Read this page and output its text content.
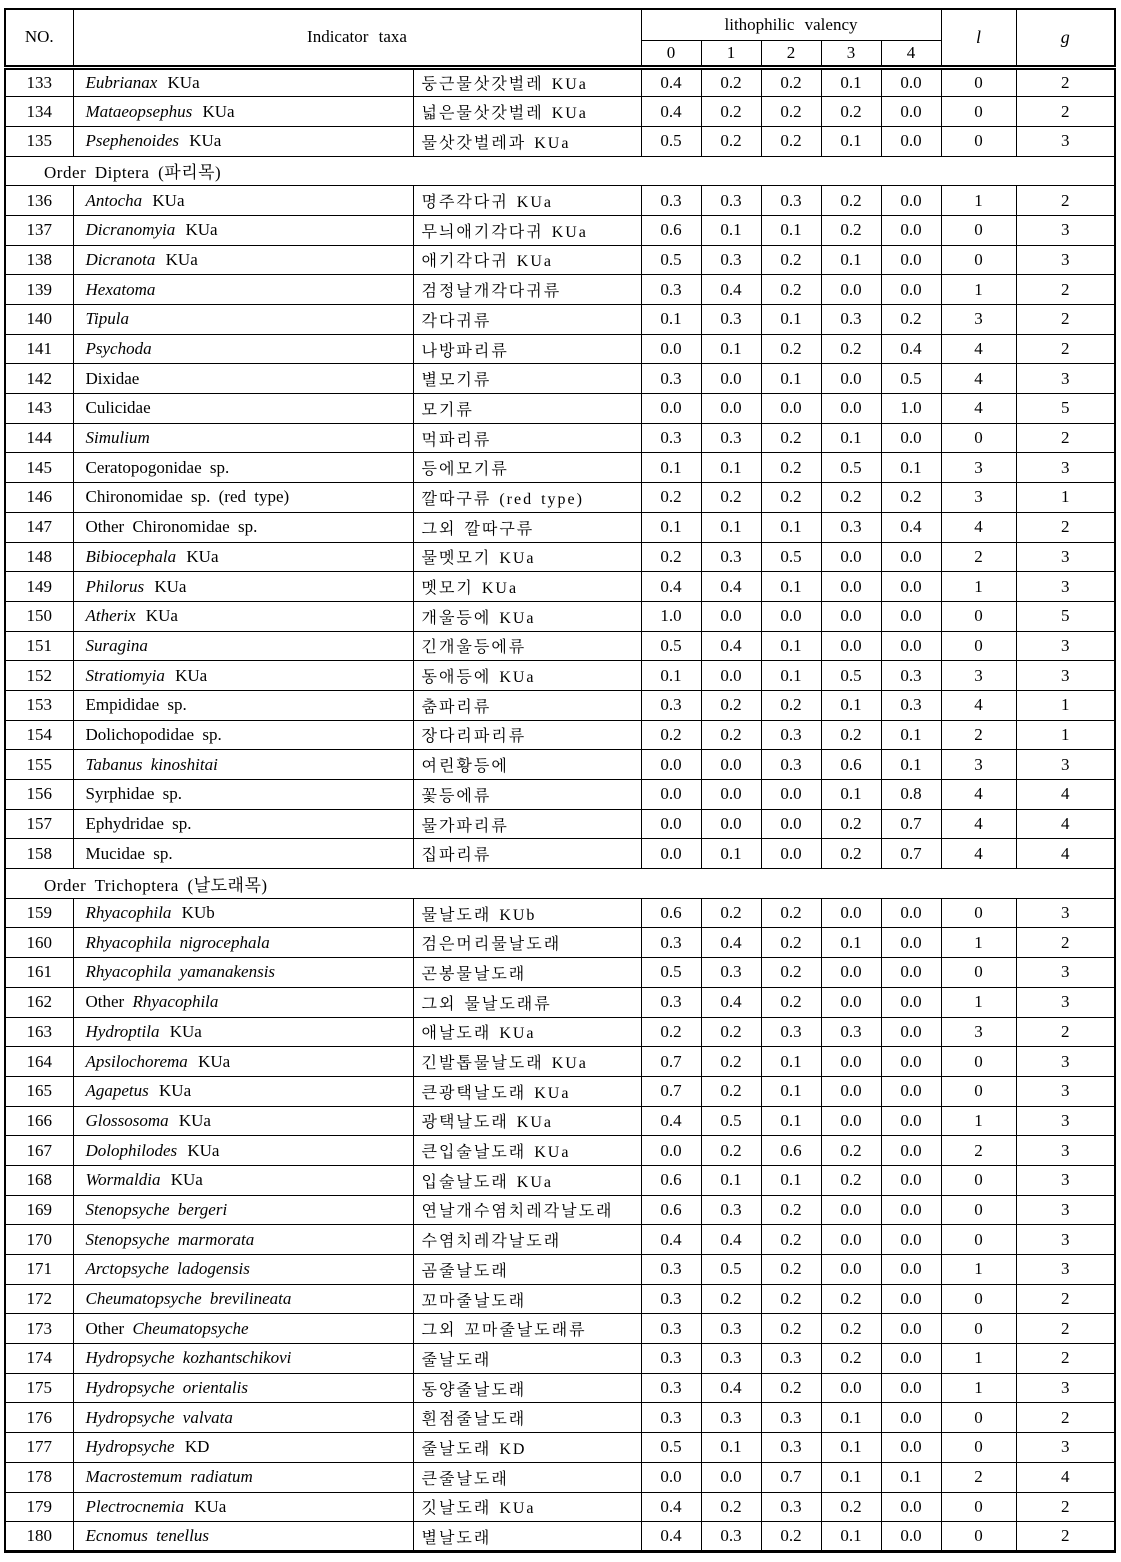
NO.	Indicator taxa		lithophilic valency					l	g
			0	1	2	3	4		
133	Eubrianax KUa	둥근물삿갓벌레 KUa	0.4	0.2	0.2	0.1	0.0	0	2
134	Mataeopsephus KUa	넓은물삿갓벌레 KUa	0.4	0.2	0.2	0.2	0.0	0	2
135	Psephenoides KUa	물삿갓벌레과 KUa	0.5	0.2	0.2	0.1	0.0	0	3
Order Diptera (파리목)									
136	Antocha KUa	명주각다귀 KUa	0.3	0.3	0.3	0.2	0.0	1	2
137	Dicranomyia KUa	무늬애기각다귀 KUa	0.6	0.1	0.1	0.2	0.0	0	3
138	Dicranota KUa	애기각다귀 KUa	0.5	0.3	0.2	0.1	0.0	0	3
139	Hexatoma	검정날개각다귀류	0.3	0.4	0.2	0.0	0.0	1	2
140	Tipula	각다귀류	0.1	0.3	0.1	0.3	0.2	3	2
141	Psychoda	나방파리류	0.0	0.1	0.2	0.2	0.4	4	2
142	Dixidae	별모기류	0.3	0.0	0.1	0.0	0.5	4	3
143	Culicidae	모기류	0.0	0.0	0.0	0.0	1.0	4	5
144	Simulium	먹파리류	0.3	0.3	0.2	0.1	0.0	0	2
145	Ceratopogonidae sp.	등에모기류	0.1	0.1	0.2	0.5	0.1	3	3
146	Chironomidae sp. (red type)	깔따구류 (red type)	0.2	0.2	0.2	0.2	0.2	3	1
147	Other Chironomidae sp.	그외 깔따구류	0.1	0.1	0.1	0.3	0.4	4	2
148	Bibiocephala KUa	물멧모기 KUa	0.2	0.3	0.5	0.0	0.0	2	3
149	Philorus KUa	멧모기 KUa	0.4	0.4	0.1	0.0	0.0	1	3
150	Atherix KUa	개울등에 KUa	1.0	0.0	0.0	0.0	0.0	0	5
151	Suragina	긴개울등에류	0.5	0.4	0.1	0.0	0.0	0	3
152	Stratiomyia KUa	동애등에 KUa	0.1	0.0	0.1	0.5	0.3	3	3
153	Empididae sp.	춤파리류	0.3	0.2	0.2	0.1	0.3	4	1
154	Dolichopodidae sp.	장다리파리류	0.2	0.2	0.3	0.2	0.1	2	1
155	Tabanus kinoshitai	여린황등에	0.0	0.0	0.3	0.6	0.1	3	3
156	Syrphidae sp.	꽃등에류	0.0	0.0	0.0	0.1	0.8	4	4
157	Ephydridae sp.	물가파리류	0.0	0.0	0.0	0.2	0.7	4	4
158	Mucidae sp.	집파리류	0.0	0.1	0.0	0.2	0.7	4	4
Order Trichoptera (날도래목)									
159	Rhyacophila KUb	물날도래 KUb	0.6	0.2	0.2	0.0	0.0	0	3
160	Rhyacophila nigrocephala	검은머리물날도래	0.3	0.4	0.2	0.1	0.0	1	2
161	Rhyacophila yamanakensis	곤봉물날도래	0.5	0.3	0.2	0.0	0.0	0	3
162	Other Rhyacophila	그외 물날도래류	0.3	0.4	0.2	0.0	0.0	1	3
163	Hydroptila KUa	애날도래 KUa	0.2	0.2	0.3	0.3	0.0	3	2
164	Apsilochorema KUa	긴발톱물날도래 KUa	0.7	0.2	0.1	0.0	0.0	0	3
165	Agapetus KUa	큰광택날도래 KUa	0.7	0.2	0.1	0.0	0.0	0	3
166	Glossosoma KUa	광택날도래 KUa	0.4	0.5	0.1	0.0	0.0	1	3
167	Dolophilodes KUa	큰입술날도래 KUa	0.0	0.2	0.6	0.2	0.0	2	3
168	Wormaldia KUa	입술날도래 KUa	0.6	0.1	0.1	0.2	0.0	0	3
169	Stenopsyche bergeri	연날개수염치레각날도래	0.6	0.3	0.2	0.0	0.0	0	3
170	Stenopsyche marmorata	수염치레각날도래	0.4	0.4	0.2	0.0	0.0	0	3
171	Arctopsyche ladogensis	곰줄날도래	0.3	0.5	0.2	0.0	0.0	1	3
172	Cheumatopsyche brevilineata	꼬마줄날도래	0.3	0.2	0.2	0.2	0.0	0	2
173	Other Cheumatopsyche	그외 꼬마줄날도래류	0.3	0.3	0.2	0.2	0.0	0	2
174	Hydropsyche kozhantschikovi	줄날도래	0.3	0.3	0.3	0.2	0.0	1	2
175	Hydropsyche orientalis	동양줄날도래	0.3	0.4	0.2	0.0	0.0	1	3
176	Hydropsyche valvata	흰점줄날도래	0.3	0.3	0.3	0.1	0.0	0	2
177	Hydropsyche KD	줄날도래 KD	0.5	0.1	0.3	0.1	0.0	0	3
178	Macrostemum radiatum	큰줄날도래	0.0	0.0	0.7	0.1	0.1	2	4
179	Plectrocnemia KUa	깃날도래 KUa	0.4	0.2	0.3	0.2	0.0	0	2
180	Ecnomus tenellus	별날도래	0.4	0.3	0.2	0.1	0.0	0	2
